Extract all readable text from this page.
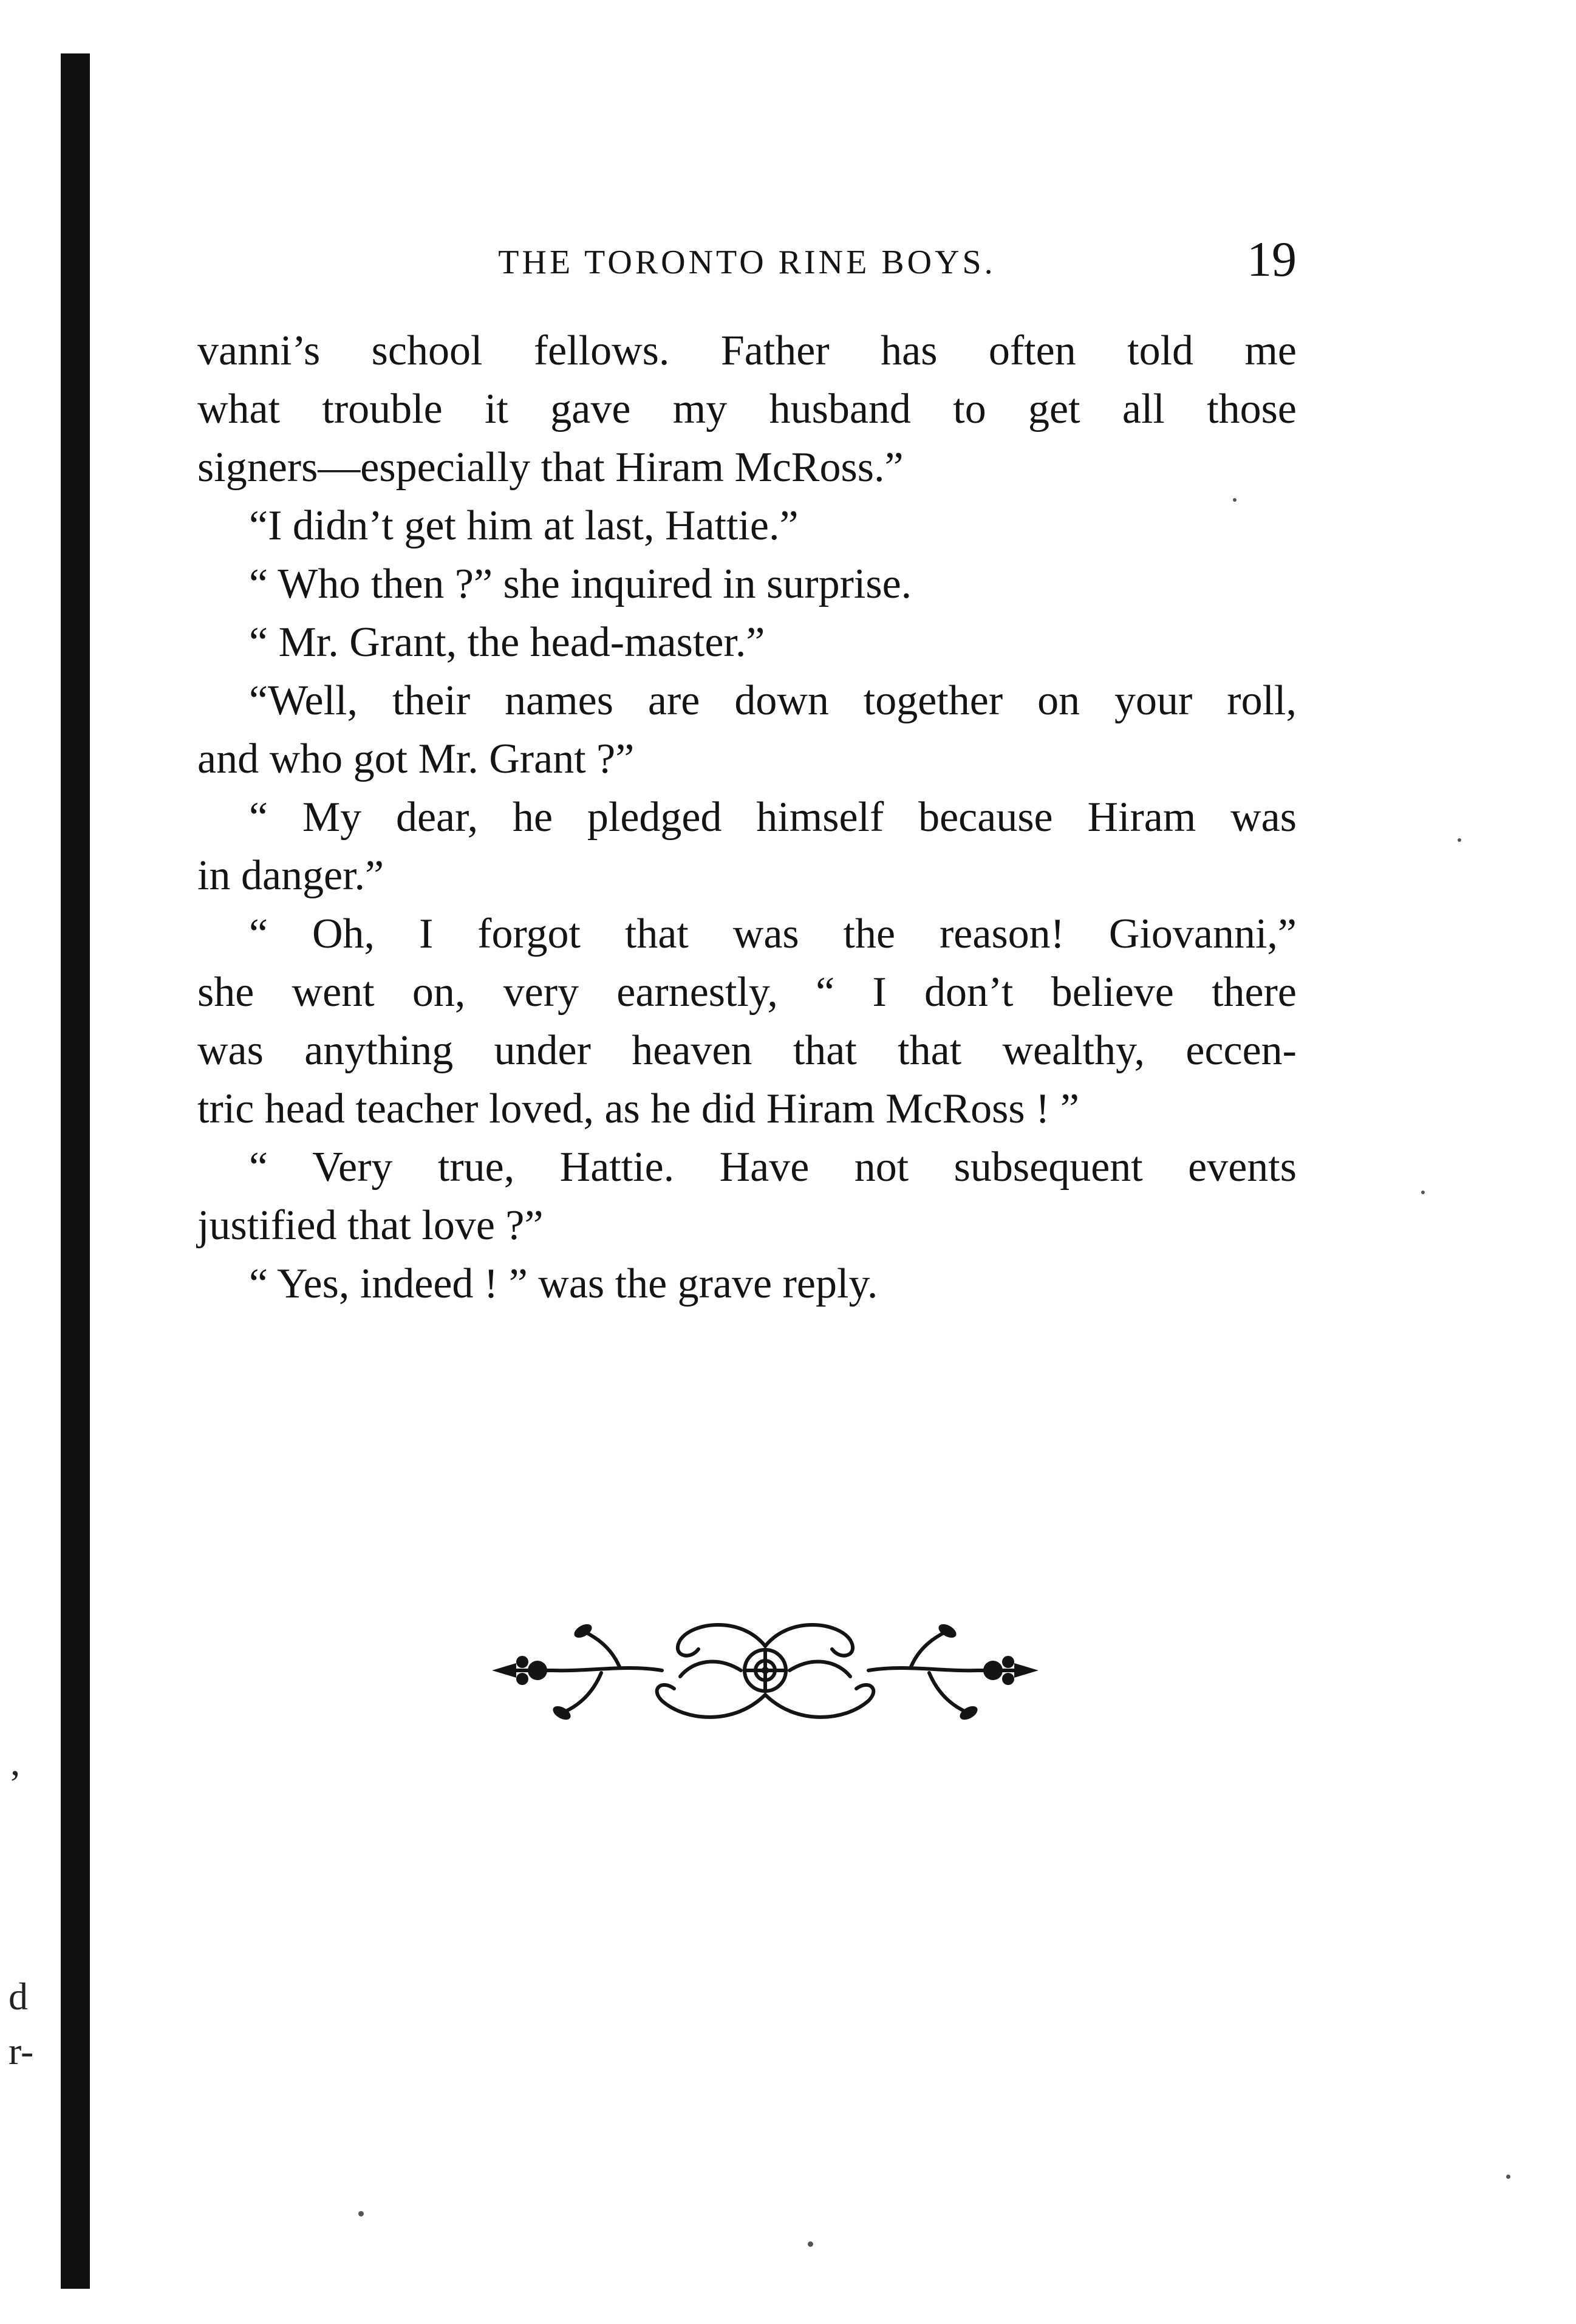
THE TORONTO RINE BOYS.	19
vanni’s school fellows. Father has often told me
what trouble it gave my husband to get all those
signers—especially that Hiram McRoss.”
“I didn’t get him at last, Hattie.”
“ Who then ?” she inquired in surprise.
“ Mr. Grant, the head-master.”
“Well, their names are down together on your roll,
and who got Mr. Grant ?”
“ My dear, he pledged himself because Hiram was
in danger.”
“ Oh, I forgot that was the reason! Giovanni,”
she went on, very earnestly, “ I don’t believe there
was anything under heaven that that wealthy, eccen-
tric head teacher loved, as he did Hiram McRoss ! ”
“ Very true, Hattie. Have not subsequent events
justified that love ?”
“ Yes, indeed ! ” was the grave reply.
’
d
r-
